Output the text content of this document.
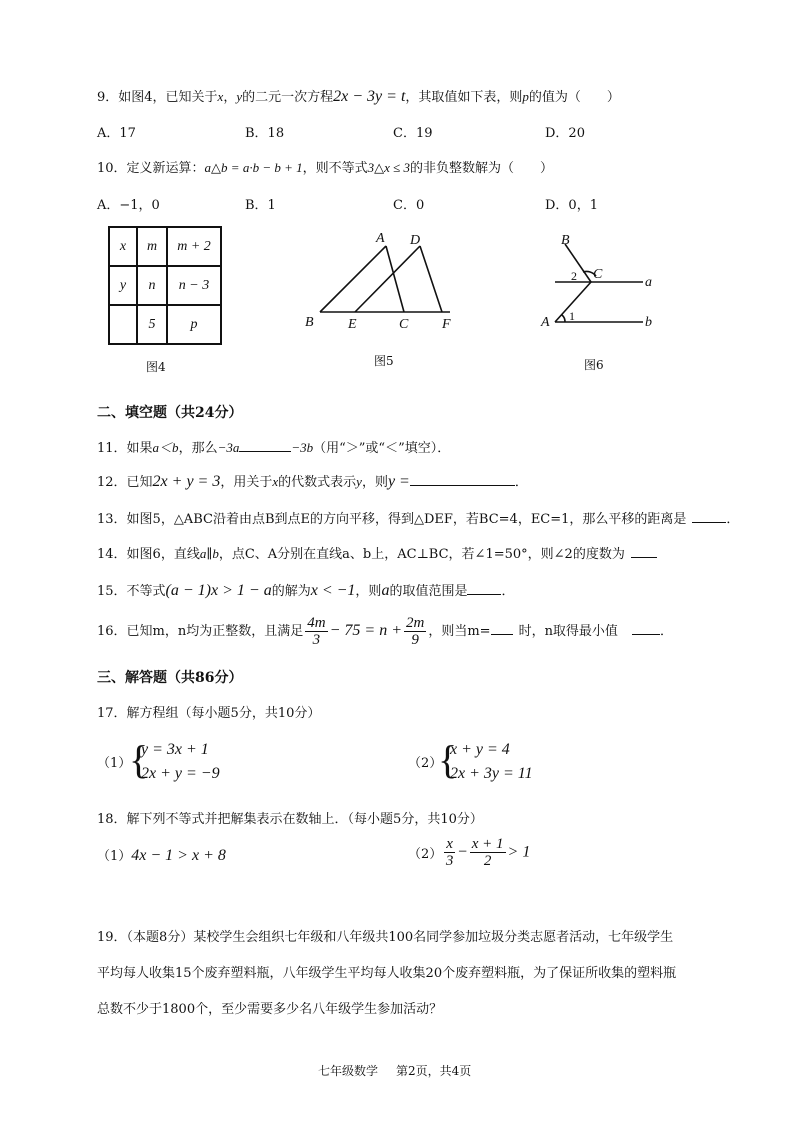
9．如图4，已知关于x，y的二元一次方程2x − 3y = t，其取值如下表，则p的值为（　　）
A．17	B．18	C．19	D．20
10．定义新运算：a△b = a·b − b + 1，则不等式3△x ≤ 3的非负整数解为（　　）
A．−1，0	B．1	C．0	D．0，1
x	m	m + 2
y	n	n − 3
	5	p
图4
A D
B E	C F
图5
B
C
A
a
b
2
1
图6
二、填空题（共24分）
11．如果a＜b，那么−3a	−3b（用“＞”或“＜”填空）．
12．已知2x + y = 3，用关于x的代数式表示y，则y =	．
13．如图5，△ABC沿着由点B到点E的方向平移，得到△DEF，若BC=4，EC=1，那么平移的距离是	．
14．如图6，直线a∥b，点C、A分别在直线a、b上，AC⊥BC，若∠1=50°，则∠2的度数为
15．不等式(a − 1)x > 1 − a的解为x < −1，则a的取值范围是	．
16．已知m，n均为正整数，且满足 $\frac{4m}{3} - 75 = n + \frac{2m}{9}$ ，则当m= 时，n取得最小值	．
三、解答题（共86分）
17．解方程组（每小题5分，共10分）
（1）
{
y = 3x + 1
2x + y = −9
（2）
{
x + y = 4
2x + 3y = 11
18．解下列不等式并把解集表示在数轴上．（每小题5分，共10分）
（1）4x − 1 > x + 8	$(2) \frac{x}{3} - \frac{x + 1}{2} > 1$
19．（本题8分）某校学生会组织七年级和八年级共100名同学参加垃圾分类志愿者活动，七年级学生
平均每人收集15个废弃塑料瓶，八年级学生平均每人收集20个废弃塑料瓶，为了保证所收集的塑料瓶
总数不少于1800个，至少需要多少名八年级学生参加活动？
七年级数学 第2页，共4页
